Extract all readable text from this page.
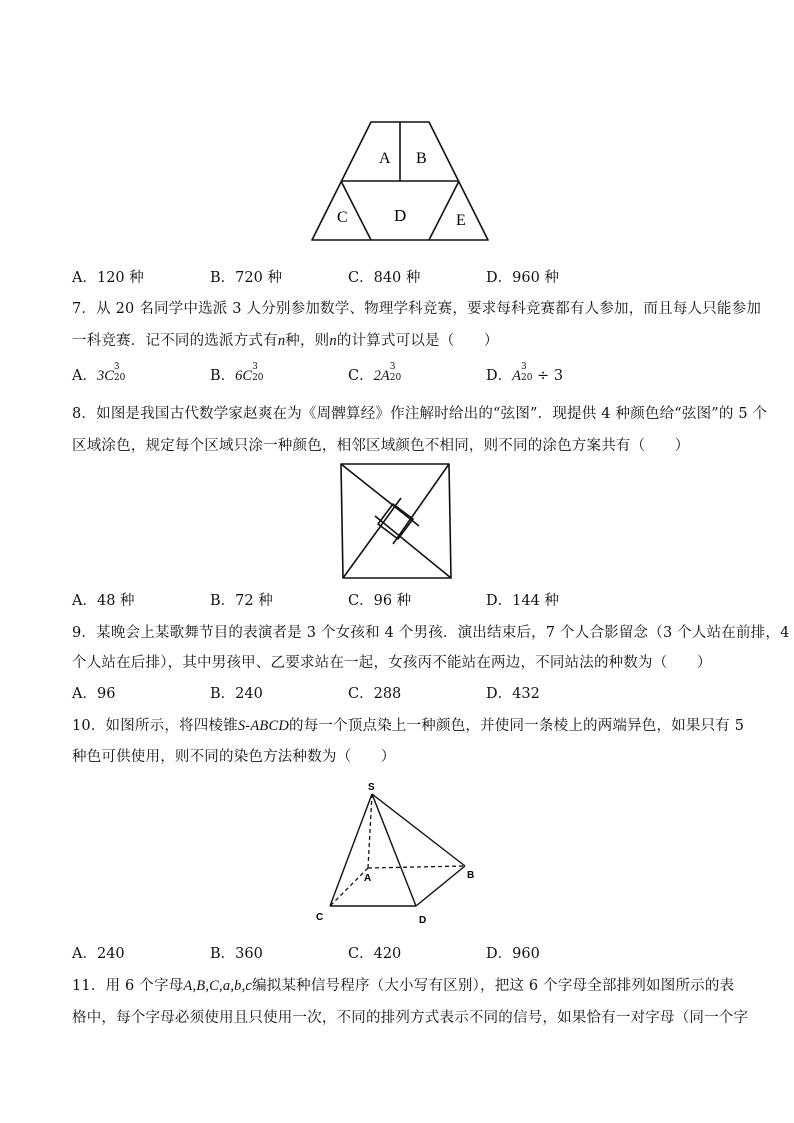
A B
C	D	E
A．120 种	B．720 种	C．840 种	D．960 种
7．从 20 名同学中选派 3 人分别参加数学、物理学科竞赛，要求每科竞赛都有人参加，而且每人只能参加
一科竞赛．记不同的选派方式有n种，则n的计算式可以是（　　）
A．3C
3
20	B．6C
3
20	C．2A
3
20	D．A
3
20 ÷ 3
8．如图是我国古代数学家赵爽在为《周髀算经》作注解时给出的“弦图”．现提供 4 种颜色给“弦图”的 5 个
区域涂色，规定每个区域只涂一种颜色，相邻区域颜色不相同，则不同的涂色方案共有（　　）
A．48 种	B．72 种	C．96 种	D．144 种
9．某晚会上某歌舞节目的表演者是 3 个女孩和 4 个男孩．演出结束后，7 个人合影留念（3 个人站在前排，4
个人站在后排），其中男孩甲、乙要求站在一起，女孩丙不能站在两边，不同站法的种数为（　　）
A．96	B．240	C．288	D．432
10．如图所示，将四棱锥S-ABCD的每一个顶点染上一种颜色，并使同一条棱上的两端异色，如果只有 5
种色可供使用，则不同的染色方法种数为（　　）
S
A	B
C	D
A．240	B．360	C．420	D．960
11．用 6 个字母A,B,C,a,b,c编拟某种信号程序（大小写有区别），把这 6 个字母全部排列如图所示的表
格中，每个字母必须使用且只使用一次，不同的排列方式表示不同的信号，如果恰有一对字母（同一个字
